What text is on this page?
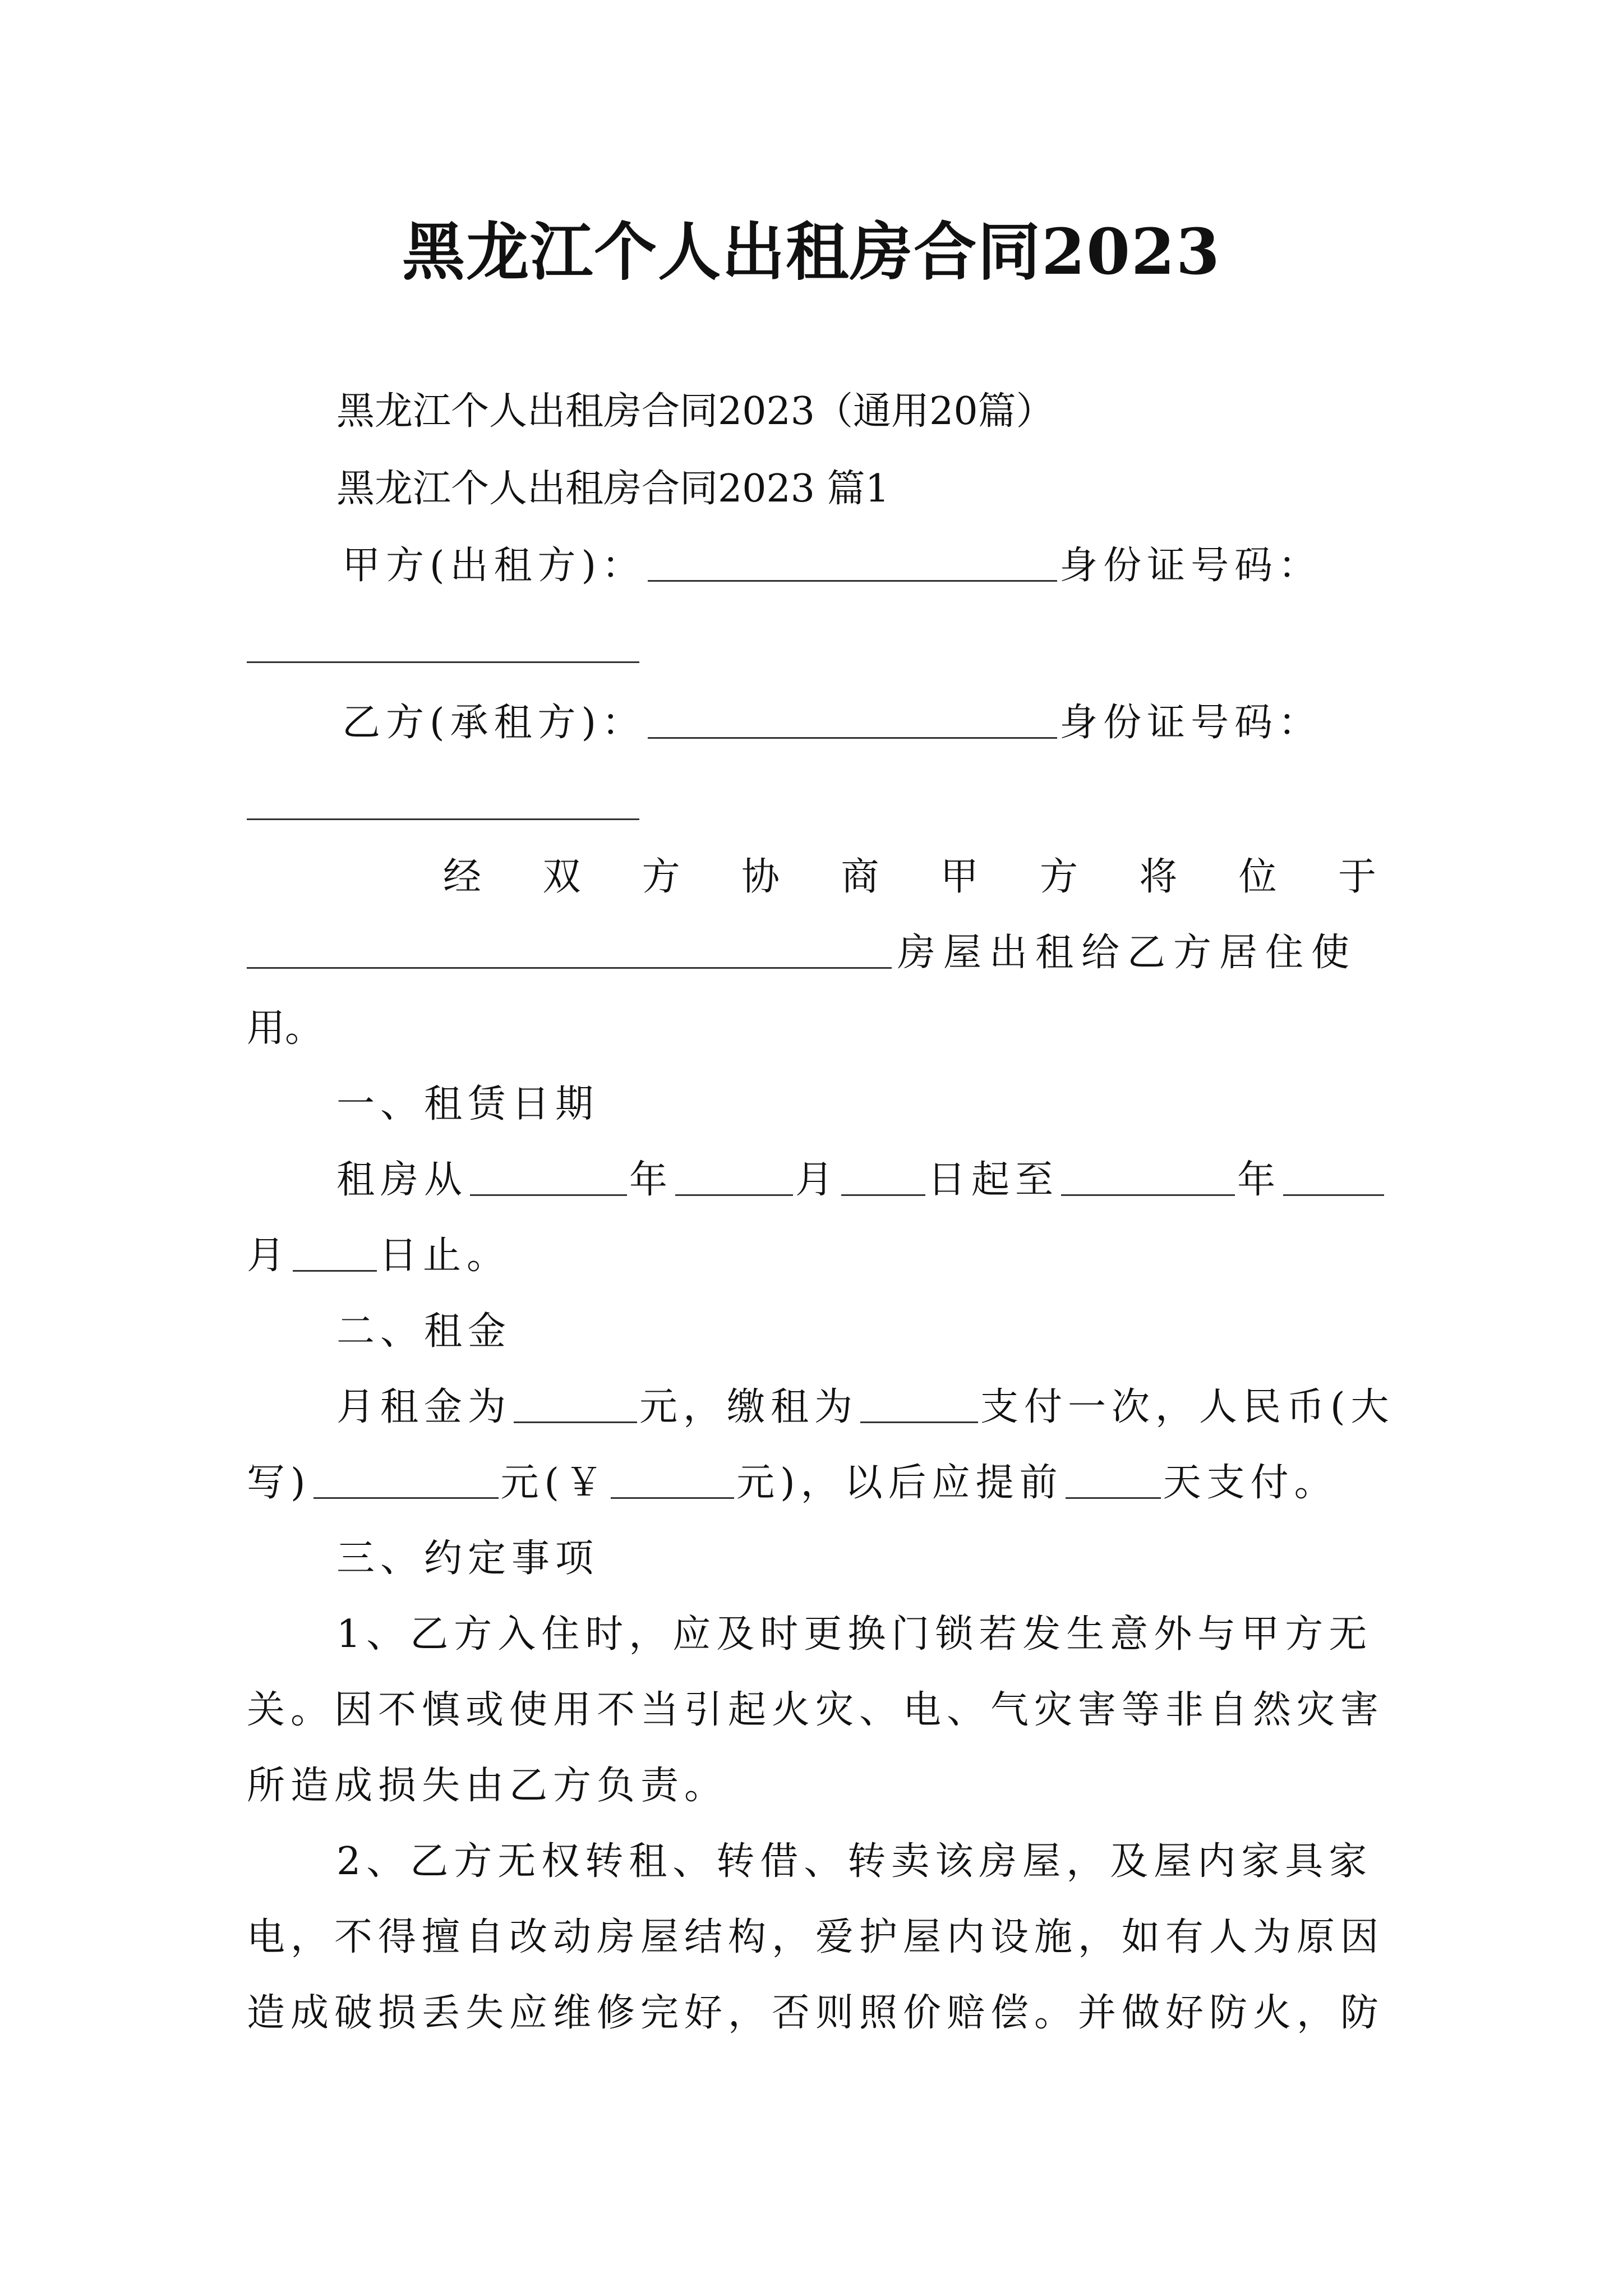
黑龙江个人出租房合同2023
黑龙江个人出租房合同2023（通用20篇）
黑龙江个人出租房合同2023 篇1
甲方(出租方)：	身份证号码：
乙方(承租方)：	身份证号码：
经 双 方 协 商 甲 方 将 位 于
房屋出租给乙方居住使
用。
一、租赁日期
租房从	年	月 日起至	年
月 日止。
二、租金
月租金为	元，缴租为	支付一次，人民币(大
写)	元(￥	元)，以后应提前	天支付。
三、约定事项
1、乙方入住时，应及时更换门锁若发生意外与甲方无
关。因不慎或使用不当引起火灾、电、气灾害等非自然灾害
所造成损失由乙方负责。
2、乙方无权转租、转借、转卖该房屋，及屋内家具家
电，不得擅自改动房屋结构，爱护屋内设施，如有人为原因
造成破损丢失应维修完好，否则照价赔偿。并做好防火，防
